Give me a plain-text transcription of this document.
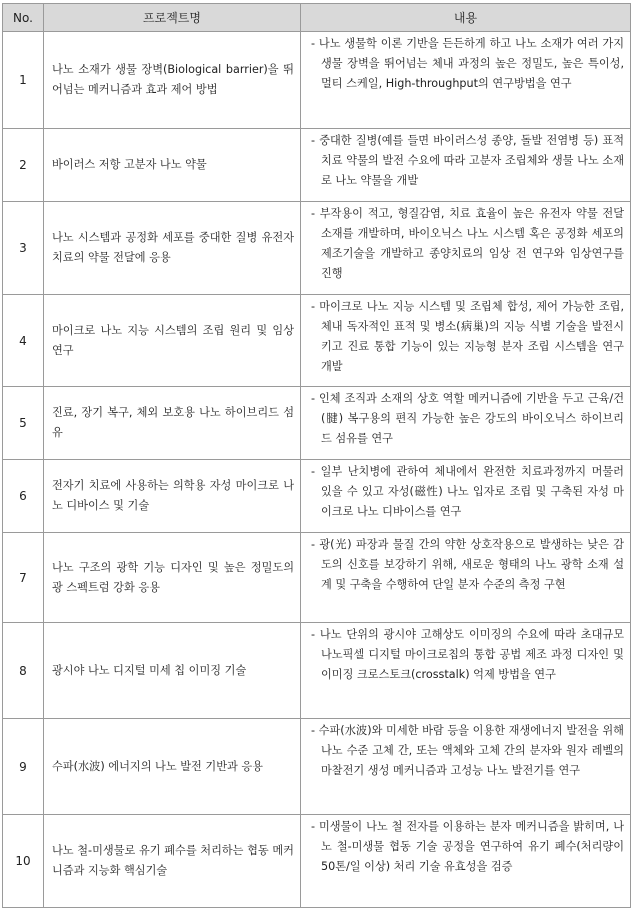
No.	프로젝트명	내용
1	나노 소재가 생물 장벽(Biological barrier)을 뛰어넘는 메커니즘과 효과 제어 방법	- 나노 생물학 이론 기반을 든든하게 하고 나노 소재가 여러 가지 생물 장벽을 뛰어넘는 체내 과정의 높은 정밀도, 높은 특이성, 멀티 스케일, High-throughput의 연구방법을 연구

2	바이러스 저항 고분자 나노 약물	- 중대한 질병(예를 들면 바이러스성 종양, 돌발 전염병 등) 표적 치료 약물의 발전 수요에 따라 고분자 조립체와 생물 나노 소재로 나노 약물을 개발

3	나노 시스템과 공정화 세포를 중대한 질병 유전자 치료의 약물 전달에 응용	- 부작용이 적고, 형질감염, 치료 효율이 높은 유전자 약물 전달 소재를 개발하며, 바이오닉스 나노 시스템 혹은 공정화 세포의 제조기술을 개발하고 종양치료의 임상 전 연구와 임상연구를 진행

4	마이크로 나노 지능 시스템의 조립 원리 및 임상 연구	- 마이크로 나노 지능 시스템 및 조립체 합성, 제어 가능한 조립, 체내 독자적인 표적 및 병소(病巢)의 지능 식별 기술을 발전시키고 진료 통합 기능이 있는 지능형 분자 조립 시스템을 연구 개발

5	진료, 장기 복구, 체외 보호용 나노 하이브리드 섬유	- 인체 조직과 소재의 상호 역할 메커니즘에 기반을 두고 근육/건(腱) 복구용의 편직 가능한 높은 강도의 바이오닉스 하이브리드 섬유를 연구

6	전자기 치료에 사용하는 의학용 자성 마이크로 나노 디바이스 및 기술	- 일부 난치병에 관하여 체내에서 완전한 치료과정까지 머물러 있을 수 있고 자성(磁性) 나노 입자로 조립 및 구축된 자성 마이크로 나노 디바이스를 연구

7	나노 구조의 광학 기능 디자인 및 높은 정밀도의 광 스펙트럼 강화 응용	- 광(光) 파장과 물질 간의 약한 상호작용으로 발생하는 낮은 감도의 신호를 보강하기 위해, 새로운 형태의 나노 광학 소재 설계 및 구축을 수행하여 단일 분자 수준의 측정 구현

8	광시야 나노 디지털 미세 칩 이미징 기술	- 나노 단위의 광시야 고해상도 이미징의 수요에 따라 초대규모 나노픽셀 디지털 마이크로칩의 통합 공법 제조 과정 디자인 및 이미징 크로스토크(crosstalk) 억제 방법을 연구

9	수파(水波) 에너지의 나노 발전 기반과 응용	- 수파(水波)와 미세한 바람 등을 이용한 재생에너지 발전을 위해 나노 수준 고체 간, 또는 액체와 고체 간의 분자와 원자 레벨의 마찰전기 생성 메커니즘과 고성능 나노 발전기를 연구

10	나노 철-미생물로 유기 폐수를 처리하는 협동 메커니즘과 지능화 핵심기술	- 미생물이 나노 철 전자를 이용하는 분자 메커니즘을 밝히며, 나노 철-미생물 협동 기술 공정을 연구하여 유기 폐수(처리량이 50톤/일 이상) 처리 기술 유효성을 검증
